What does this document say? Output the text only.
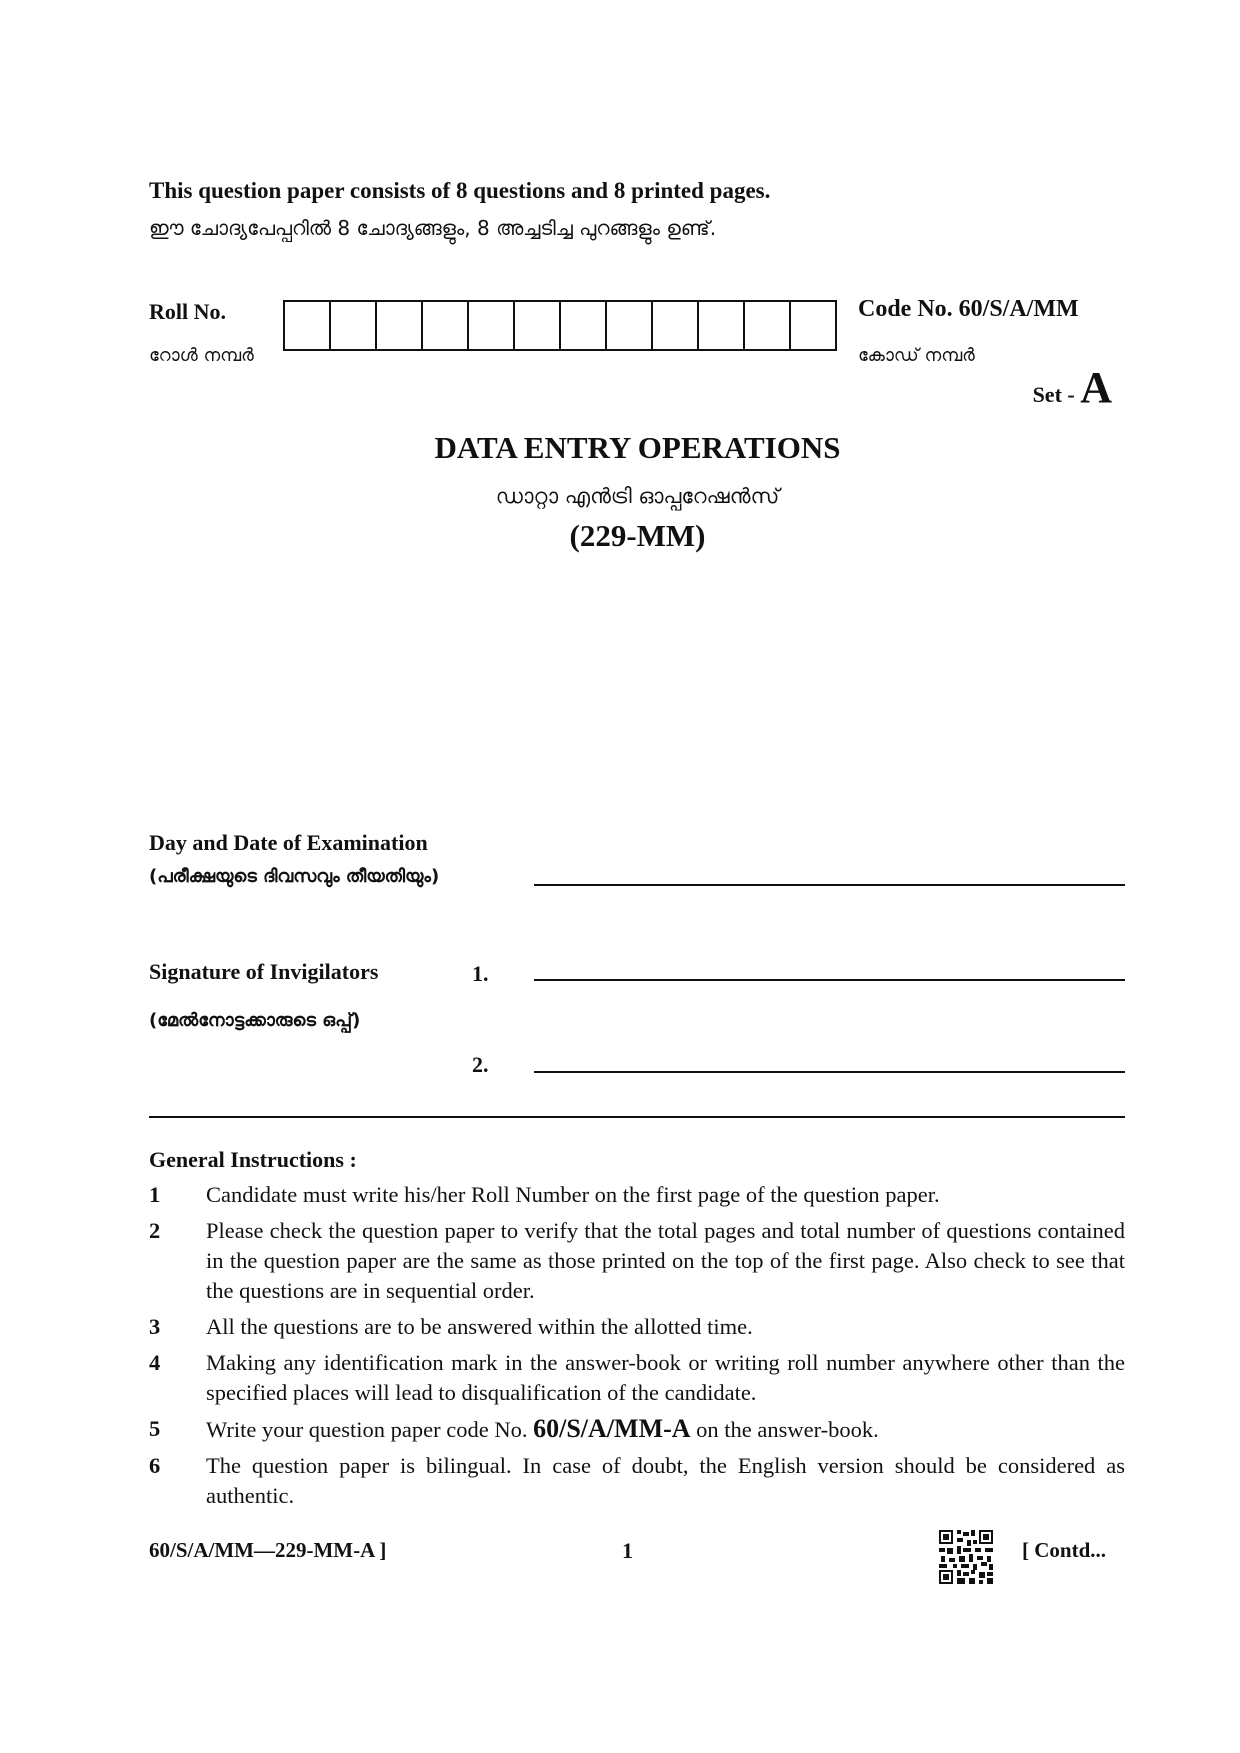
This question paper consists of 8 questions and 8 printed pages.
ഈ ചോദ്യപേപ്പറിൽ 8 ചോദ്യങ്ങളും, 8 അച്ചടിച്ച പുറങ്ങളും ഉണ്ട്.
Roll No.
റോൾ നമ്പർ
Code No. 60/S/A/MM
കോഡ് നമ്പർ
Set - A
DATA ENTRY OPERATIONS
ഡാറ്റാ എൻട്രി ഓപ്പറേഷൻസ്
(229-MM)
Day and Date of Examination
(പരീക്ഷയുടെ ദിവസവും തീയതിയും)
Signature of Invigilators
(മേൽനോട്ടക്കാരുടെ ഒപ്പ്)
1.
2.
General Instructions :
1	Candidate must write his/her Roll Number on the first page of the question paper.
2	Please check the question paper to verify that the total pages and total number of questions contained in the question paper are the same as those printed on the top of the first page. Also check to see that the questions are in sequential order.
3	All the questions are to be answered within the allotted time.
4	Making any identification mark in the answer-book or writing roll number anywhere other than the specified places will lead to disqualification of the candidate.
5	Write your question paper code No. 60/S/A/MM-A on the answer-book.
6	The question paper is bilingual. In case of doubt, the English version should be considered as authentic.
60/S/A/MM—229-MM-A ]	1	[ Contd...
